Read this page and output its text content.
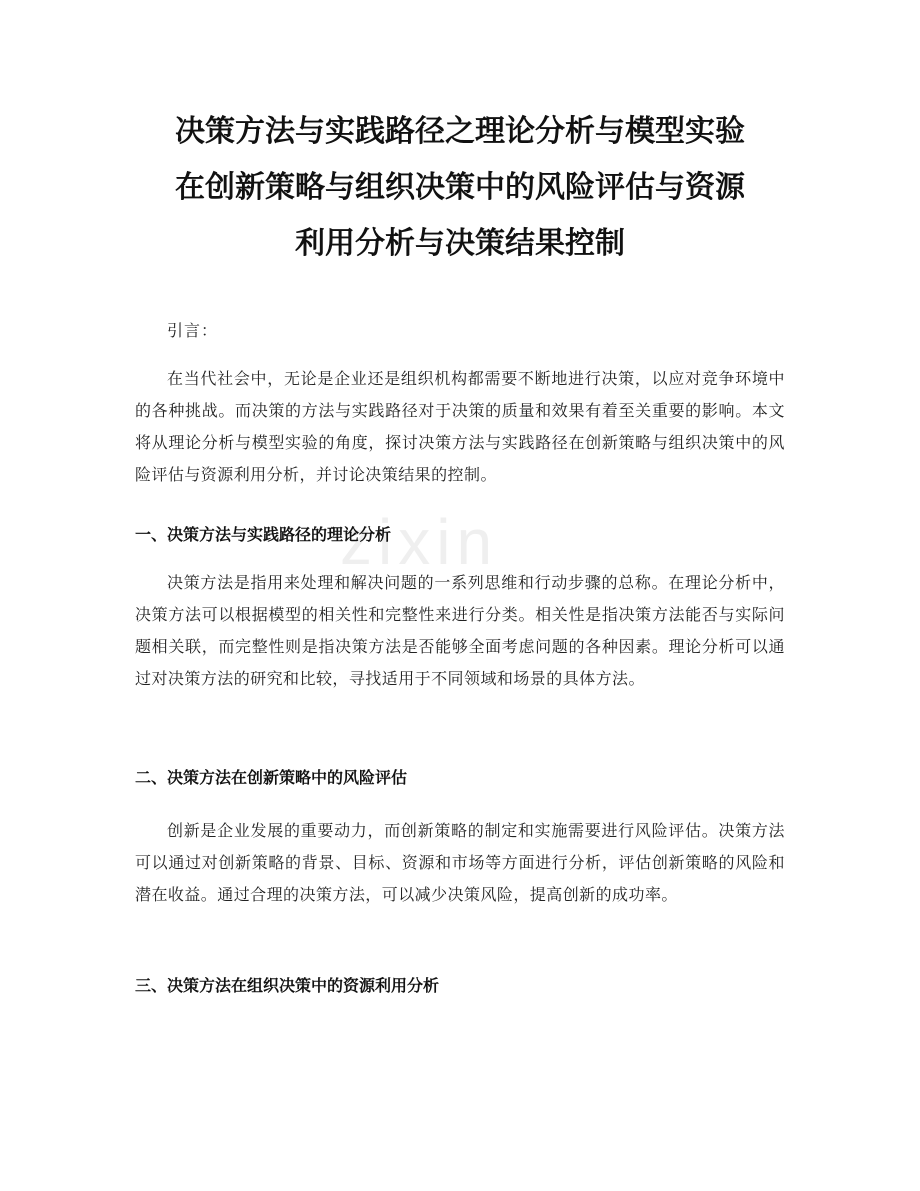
决策方法与实践路径之理论分析与模型实验
在创新策略与组织决策中的风险评估与资源
利用分析与决策结果控制

引言：

在当代社会中，无论是企业还是组织机构都需要不断地进行决策，以应对竞争环境中的各种挑战。而决策的方法与实践路径对于决策的质量和效果有着至关重要的影响。本文将从理论分析与模型实验的角度，探讨决策方法与实践路径在创新策略与组织决策中的风险评估与资源利用分析，并讨论决策结果的控制。

zixin
一、决策方法与实践路径的理论分析

决策方法是指用来处理和解决问题的一系列思维和行动步骤的总称。在理论分析中，决策方法可以根据模型的相关性和完整性来进行分类。相关性是指决策方法能否与实际问题相关联，而完整性则是指决策方法是否能够全面考虑问题的各种因素。理论分析可以通过对决策方法的研究和比较，寻找适用于不同领域和场景的具体方法。

二、决策方法在创新策略中的风险评估

创新是企业发展的重要动力，而创新策略的制定和实施需要进行风险评估。决策方法可以通过对创新策略的背景、目标、资源和市场等方面进行分析，评估创新策略的风险和潜在收益。通过合理的决策方法，可以减少决策风险，提高创新的成功率。

三、决策方法在组织决策中的资源利用分析
